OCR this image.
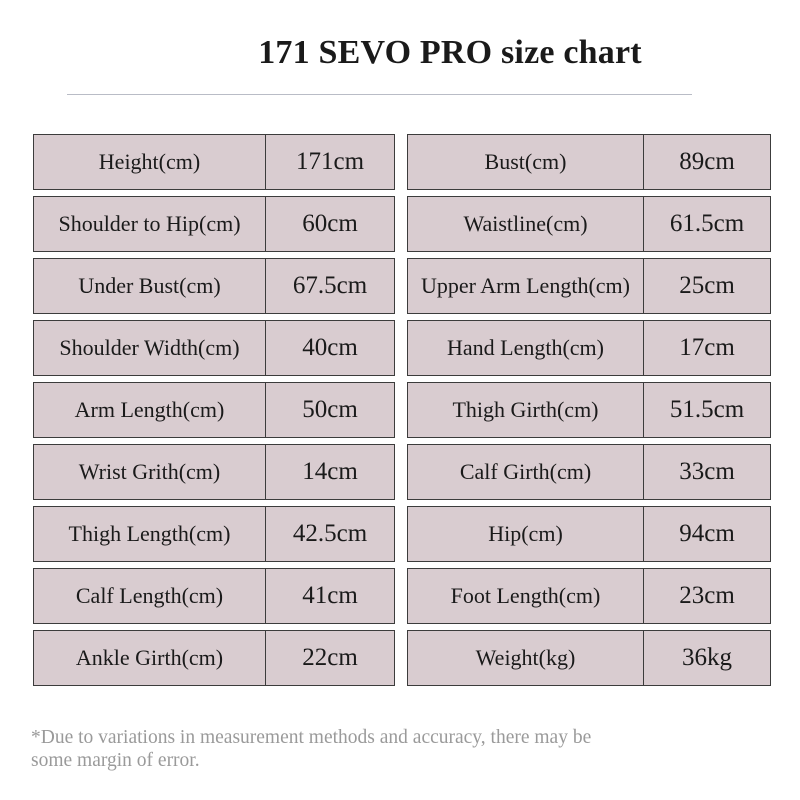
171 SEVO PRO size chart
Height(cm)	171cm
Shoulder to Hip(cm)	60cm
Under Bust(cm)	67.5cm
Shoulder Width(cm)	40cm
Arm Length(cm)	50cm
Wrist Grith(cm)	14cm
Thigh Length(cm)	42.5cm
Calf Length(cm)	41cm
Ankle Girth(cm)	22cm
Bust(cm)	89cm
Waistline(cm)	61.5cm
Upper Arm Length(cm)	25cm
Hand Length(cm)	17cm
Thigh Girth(cm)	51.5cm
Calf Girth(cm)	33cm
Hip(cm)	94cm
Foot Length(cm)	23cm
Weight(kg)	36kg
*Due to variations in measurement methods and accuracy, there may be
some margin of error.
